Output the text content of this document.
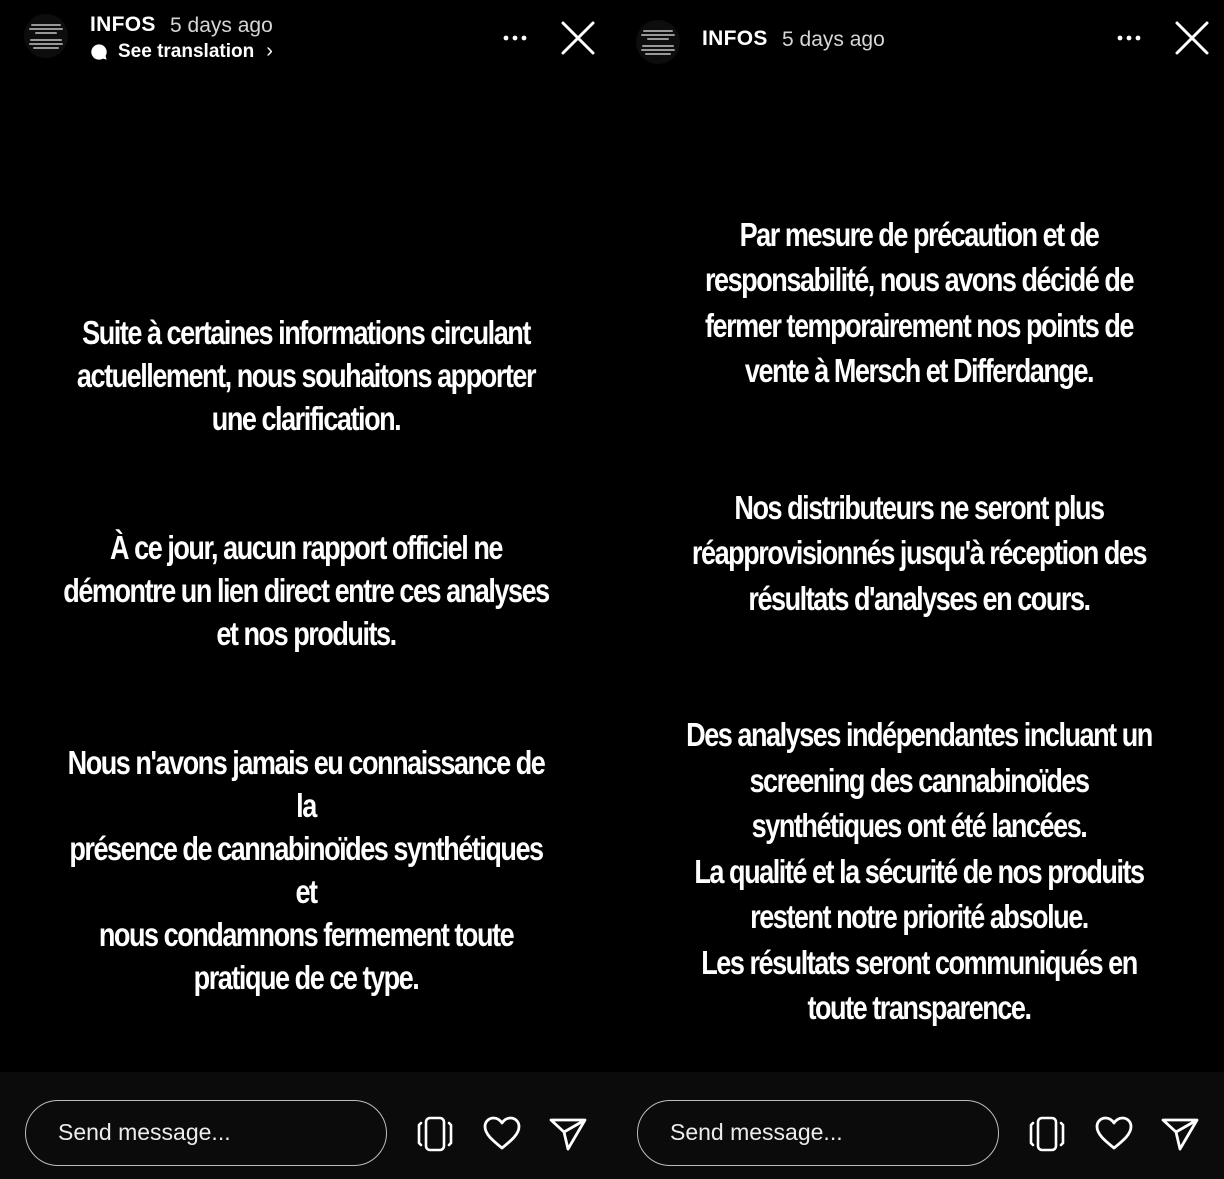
INFOS 5 days ago
See translation ›

Suite à certaines informations circulant
actuellement, nous souhaitons apporter
une clarification.

À ce jour, aucun rapport officiel ne
démontre un lien direct entre ces analyses
et nos produits.

Nous n'avons jamais eu connaissance de la
présence de cannabinoïdes synthétiques et
nous condamnons fermement toute
pratique de ce type.

Send message...
INFOS 5 days ago

Par mesure de précaution et de
responsabilité, nous avons décidé de
fermer temporairement nos points de
vente à Mersch et Differdange.

Nos distributeurs ne seront plus
réapprovisionnés jusqu'à réception des
résultats d'analyses en cours.

Des analyses indépendantes incluant un
screening des cannabinoïdes
synthétiques ont été lancées.
La qualité et la sécurité de nos produits
restent notre priorité absolue.
Les résultats seront communiqués en
toute transparence.

Send message...
